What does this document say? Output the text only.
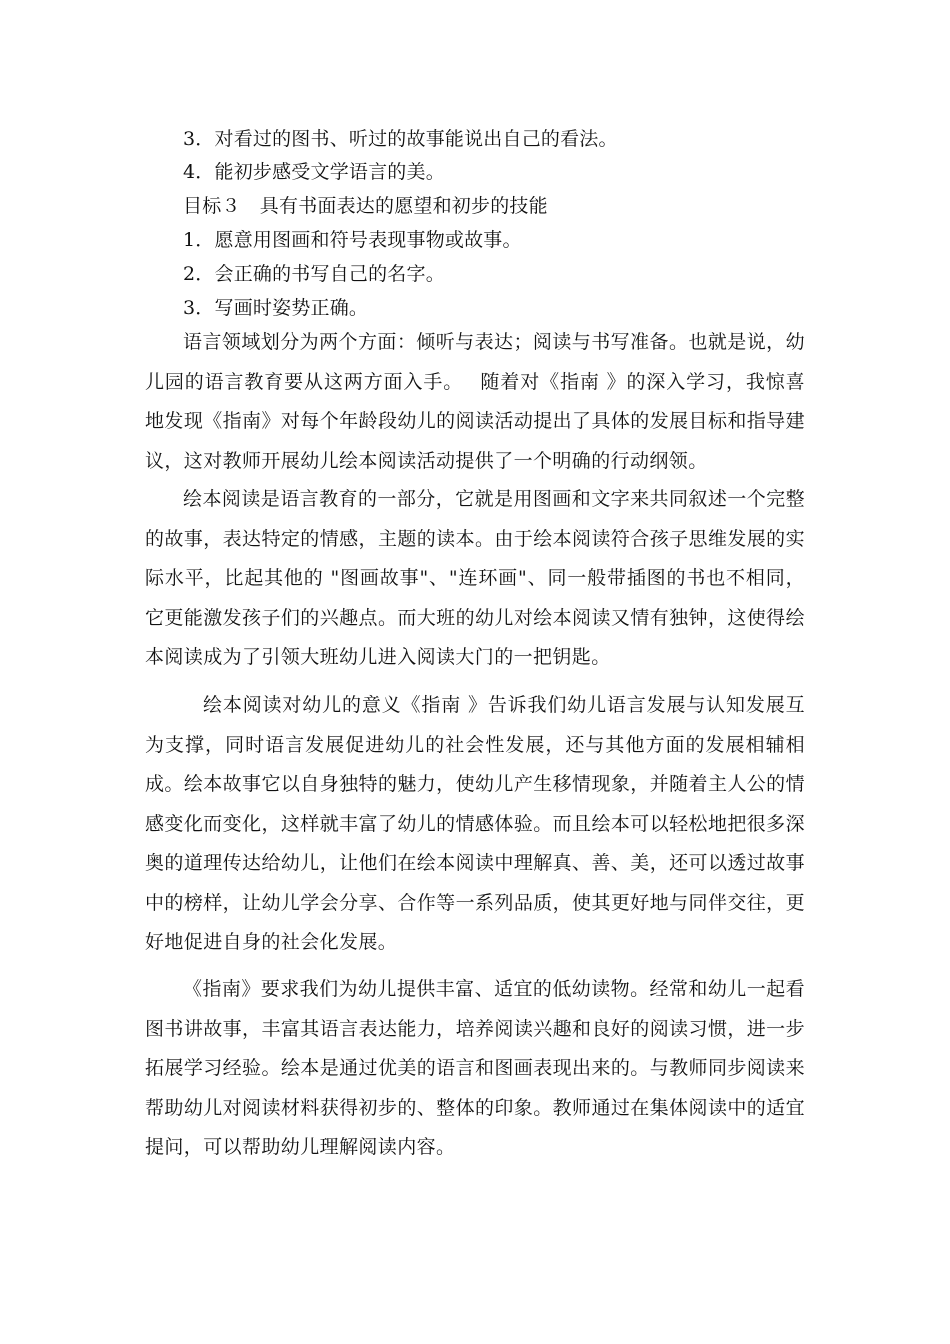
3．对看过的图书、听过的故事能说出自己的看法。
4．能初步感受文学语言的美。
目标３　具有书面表达的愿望和初步的技能
1．愿意用图画和符号表现事物或故事。
2．会正确的书写自己的名字。
3．写画时姿势正确。

语言领域划分为两个方面：倾听与表达；阅读与书写准备。也就是说，幼儿园的语言教育要从这两方面入手。　 随着对《指南 》的深入学习，我惊喜地发现《指南》对每个年龄段幼儿的阅读活动提出了具体的发展目标和指导建议，这对教师开展幼儿绘本阅读活动提供了一个明确的行动纲领。

绘本阅读是语言教育的一部分，它就是用图画和文字来共同叙述一个完整的故事，表达特定的情感，主题的读本。由于绘本阅读符合孩子思维发展的实际水平，比起其他的 "图画故事"、"连环画"、同一般带插图的书也不相同，它更能激发孩子们的兴趣点。而大班的幼儿对绘本阅读又情有独钟，这使得绘本阅读成为了引领大班幼儿进入阅读大门的一把钥匙。

绘本阅读对幼儿的意义《指南 》告诉我们幼儿语言发展与认知发展互为支撑，同时语言发展促进幼儿的社会性发展，还与其他方面的发展相辅相成。绘本故事它以自身独特的魅力，使幼儿产生移情现象，并随着主人公的情感变化而变化，这样就丰富了幼儿的情感体验。而且绘本可以轻松地把很多深奥的道理传达给幼儿，让他们在绘本阅读中理解真、善、美，还可以透过故事中的榜样，让幼儿学会分享、合作等一系列品质，使其更好地与同伴交往，更好地促进自身的社会化发展。

《指南》要求我们为幼儿提供丰富、适宜的低幼读物。经常和幼儿一起看图书讲故事，丰富其语言表达能力，培养阅读兴趣和良好的阅读习惯，进一步拓展学习经验。绘本是通过优美的语言和图画表现出来的。与教师同步阅读来帮助幼儿对阅读材料获得初步的、整体的印象。教师通过在集体阅读中的适宜提问，可以帮助幼儿理解阅读内容。
